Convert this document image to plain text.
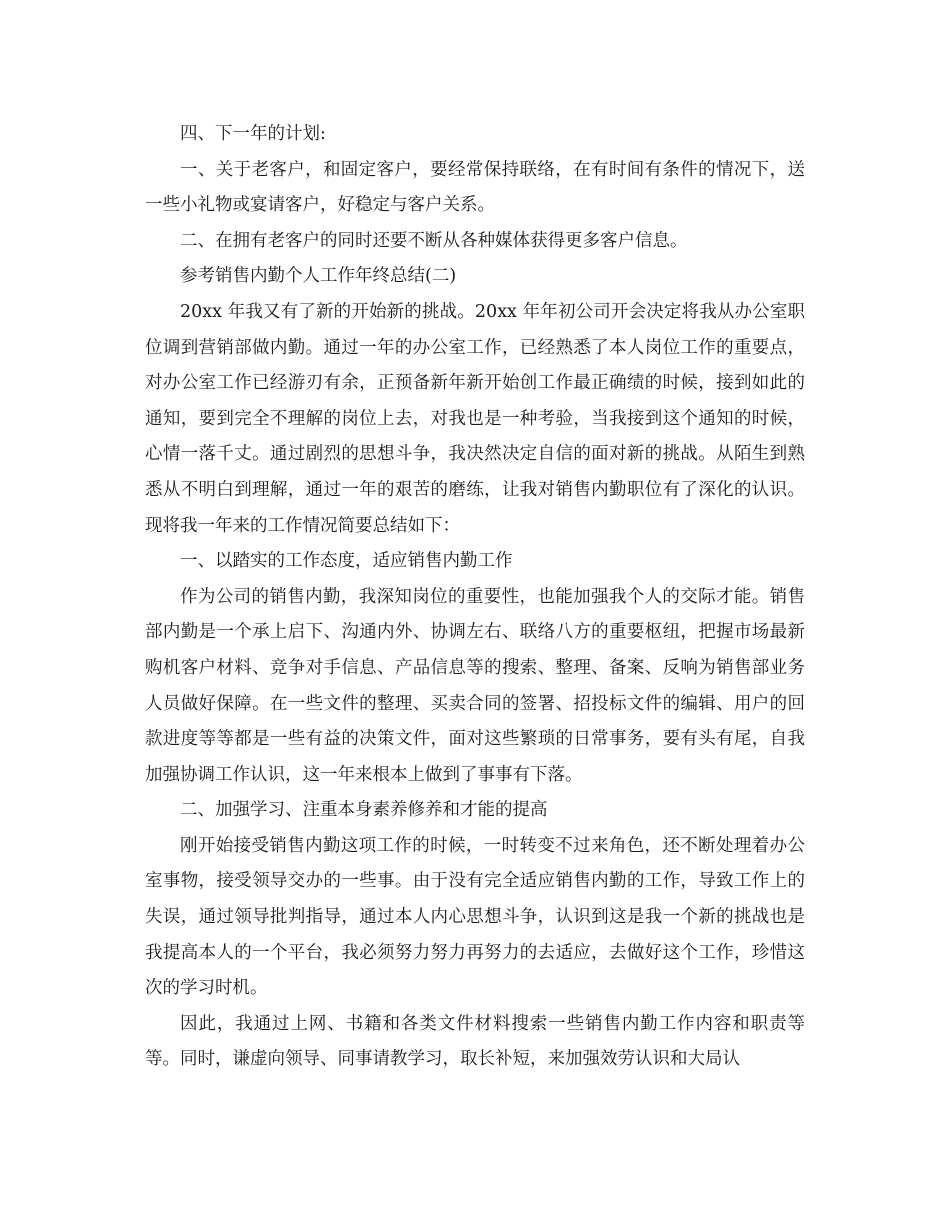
四、下一年的计划:

一、关于老客户，和固定客户，要经常保持联络，在有时间有条件的情况下，送一些小礼物或宴请客户，好稳定与客户关系。

二、在拥有老客户的同时还要不断从各种媒体获得更多客户信息。

参考销售内勤个人工作年终总结(二)

20xx 年我又有了新的开始新的挑战。20xx 年年初公司开会决定将我从办公室职位调到营销部做内勤。通过一年的办公室工作，已经熟悉了本人岗位工作的重要点，对办公室工作已经游刃有余，正预备新年新开始创工作最正确绩的时候，接到如此的通知，要到完全不理解的岗位上去，对我也是一种考验，当我接到这个通知的时候，心情一落千丈。通过剧烈的思想斗争，我决然决定自信的面对新的挑战。从陌生到熟悉从不明白到理解，通过一年的艰苦的磨练，让我对销售内勤职位有了深化的认识。现将我一年来的工作情况简要总结如下：

一、以踏实的工作态度，适应销售内勤工作

作为公司的销售内勤，我深知岗位的重要性，也能加强我个人的交际才能。销售部内勤是一个承上启下、沟通内外、协调左右、联络八方的重要枢纽，把握市场最新购机客户材料、竞争对手信息、产品信息等的搜索、整理、备案、反响为销售部业务人员做好保障。在一些文件的整理、买卖合同的签署、招投标文件的编辑、用户的回款进度等等都是一些有益的决策文件，面对这些繁琐的日常事务，要有头有尾，自我加强协调工作认识，这一年来根本上做到了事事有下落。

二、加强学习、注重本身素养修养和才能的提高

刚开始接受销售内勤这项工作的时候，一时转变不过来角色，还不断处理着办公室事物，接受领导交办的一些事。由于没有完全适应销售内勤的工作，导致工作上的失误，通过领导批判指导，通过本人内心思想斗争，认识到这是我一个新的挑战也是我提高本人的一个平台，我必须努力努力再努力的去适应，去做好这个工作，珍惜这次的学习时机。

因此，我通过上网、书籍和各类文件材料搜索一些销售内勤工作内容和职责等等。同时，谦虚向领导、同事请教学习，取长补短，来加强效劳认识和大局认
